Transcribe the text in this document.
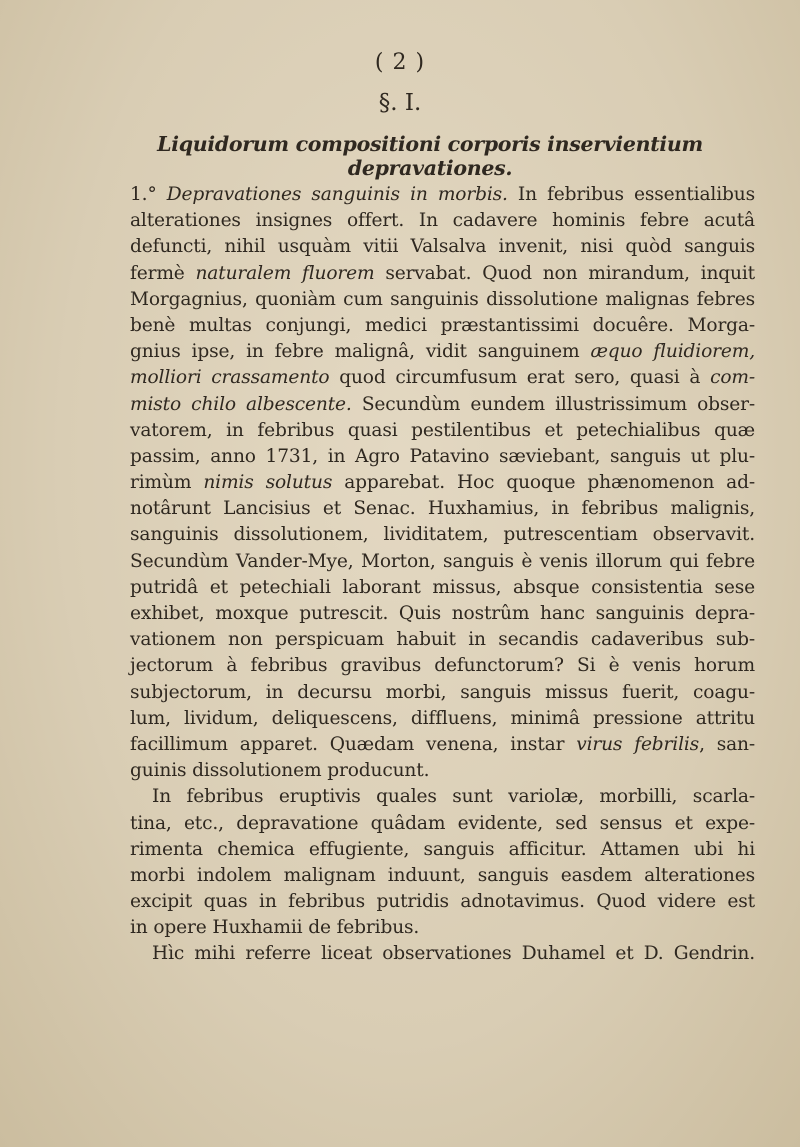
( 2 )
§. I.
Liquidorum compositioni corporis inservientium depravationes.
1.° Depravationes sanguinis in morbis. In febribus essentialibus
alterationes insignes offert. In cadavere hominis febre acutâ
defuncti, nihil usquàm vitii Valsalva invenit, nisi quòd sanguis
fermè naturalem fluorem servabat. Quod non mirandum, inquit
Morgagnius, quoniàm cum sanguinis dissolutione malignas febres
benè multas conjungi, medici præstantissimi docuêre. Morga-
gnius ipse, in febre malignâ, vidit sanguinem æquo fluidiorem,
molliori crassamento quod circumfusum erat sero, quasi à com-
misto chilo albescente. Secundùm eundem illustrissimum obser-
vatorem, in febribus quasi pestilentibus et petechialibus quæ
passim, anno 1731, in Agro Patavino sæviebant, sanguis ut plu-
rimùm nimis solutus apparebat. Hoc quoque phænomenon ad-
notârunt Lancisius et Senac. Huxhamius, in febribus malignis,
sanguinis dissolutionem, lividitatem, putrescentiam observavit.
Secundùm Vander-Mye, Morton, sanguis è venis illorum qui febre
putridâ et petechiali laborant missus, absque consistentia sese
exhibet, moxque putrescit. Quis nostrûm hanc sanguinis depra-
vationem non perspicuam habuit in secandis cadaveribus sub-
jectorum à febribus gravibus defunctorum? Si è venis horum
subjectorum, in decursu morbi, sanguis missus fuerit, coagu-
lum, lividum, deliquescens, diffluens, minimâ pressione attritu
facillimum apparet. Quædam venena, instar virus febrilis, san-
guinis dissolutionem producunt.
In febribus eruptivis quales sunt variolæ, morbilli, scarla-
tina, etc., depravatione quâdam evidente, sed sensus et expe-
rimenta chemica effugiente, sanguis afficitur. Attamen ubi hi
morbi indolem malignam induunt, sanguis easdem alterationes
excipit quas in febribus putridis adnotavimus. Quod videre est
in opere Huxhamii de febribus.
Hìc mihi referre liceat observationes Duhamel et D. Gendrin.
